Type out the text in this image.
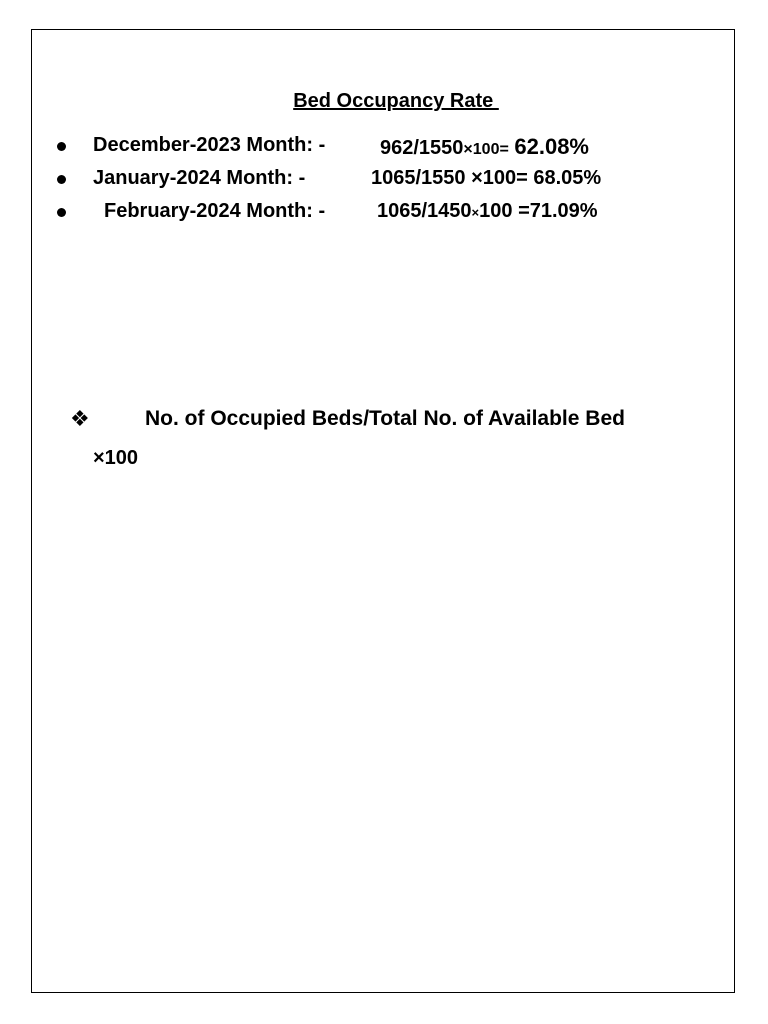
Bed Occupancy Rate

December-2023 Month: -

	962/1550×100= 62.08%

January-2024 Month: -

	1065/1550 ×100= 68.05%

February-2024 Month: -

	1065/1450×100 =71.09%

❖	No. of Occupied Beds/Total No. of Available Bed
×100
